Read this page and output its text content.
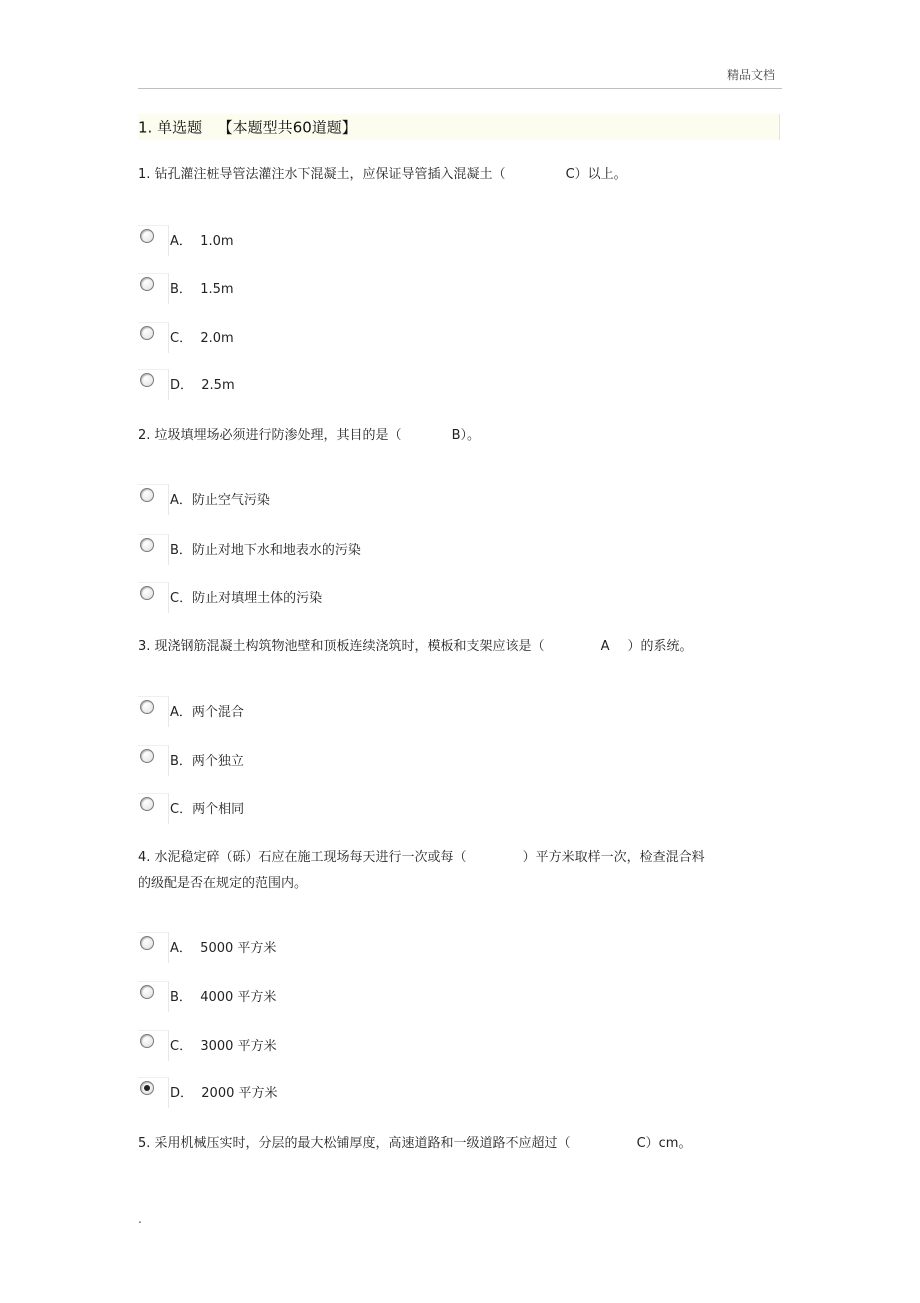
精品文档
1. 单选题 【本题型共60道题】
1. 钻孔灌注桩导管法灌注水下混凝土，应保证导管插入混凝土（	C）以上。
A． 1.0m
B． 1.5m
C． 2.0m
D． 2.5m
2. 垃圾填埋场必须进行防渗处理，其目的是（	B）。
A．防止空气污染
B．防止对地下水和地表水的污染
C．防止对填埋土体的污染
3. 现浇钢筋混凝土构筑物池壁和顶板连续浇筑时，模板和支架应该是（	A ）的系统。
A．两个混合
B．两个独立
C．两个相同
4. 水泥稳定碎（砾）石应在施工现场每天进行一次或每（	）平方米取样一次，检查混合料
的级配是否在规定的范围内。
A． 5000 平方米
B． 4000 平方米
C． 3000 平方米
D． 2000 平方米
5. 采用机械压实时，分层的最大松铺厚度，高速道路和一级道路不应超过（	C）cm。
.
